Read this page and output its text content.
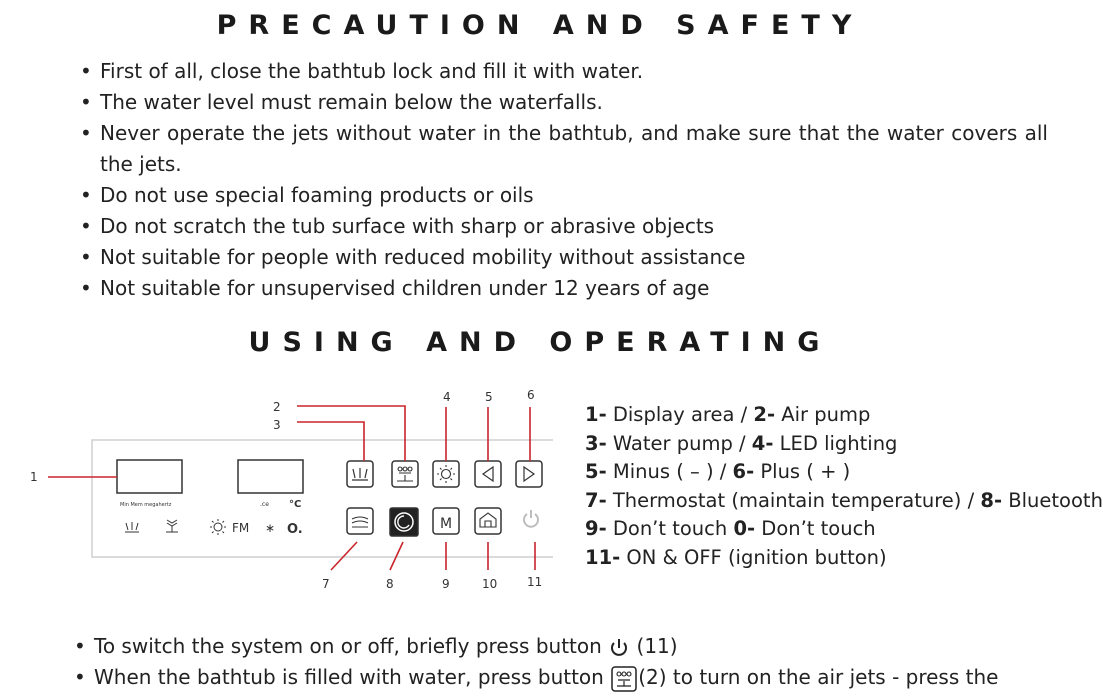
PRECAUTION AND SAFETY
• First of all, close the bathtub lock and fill it with water.
• The water level must remain below the waterfalls.
• Never operate the jets without water in the bathtub, and make sure that the water covers all the jets.
• Do not use special foaming products or oils
• Do not scratch the tub surface with sharp or abrasive objects
• Not suitable for people with reduced mobility without assistance
• Not suitable for unsupervised children under 12 years of age
USING AND OPERATING
Min Mem megahertz	.ce °C
FM ∗ O.	M
1
2
3
4	5	6
7	8	9	10 11
1- Display area / 2- Air pump
3- Water pump / 4- LED lighting
5- Minus ( – ) / 6- Plus ( + )
7- Thermostat (maintain temperature) / 8- Bluetooth
9- Don’t touch 0- Don’t touch
11- ON & OFF (ignition button)
• To switch the system on or off, briefly press button (11)
• When the bathtub is filled with water, press button (2) to turn on the air jets - press the
